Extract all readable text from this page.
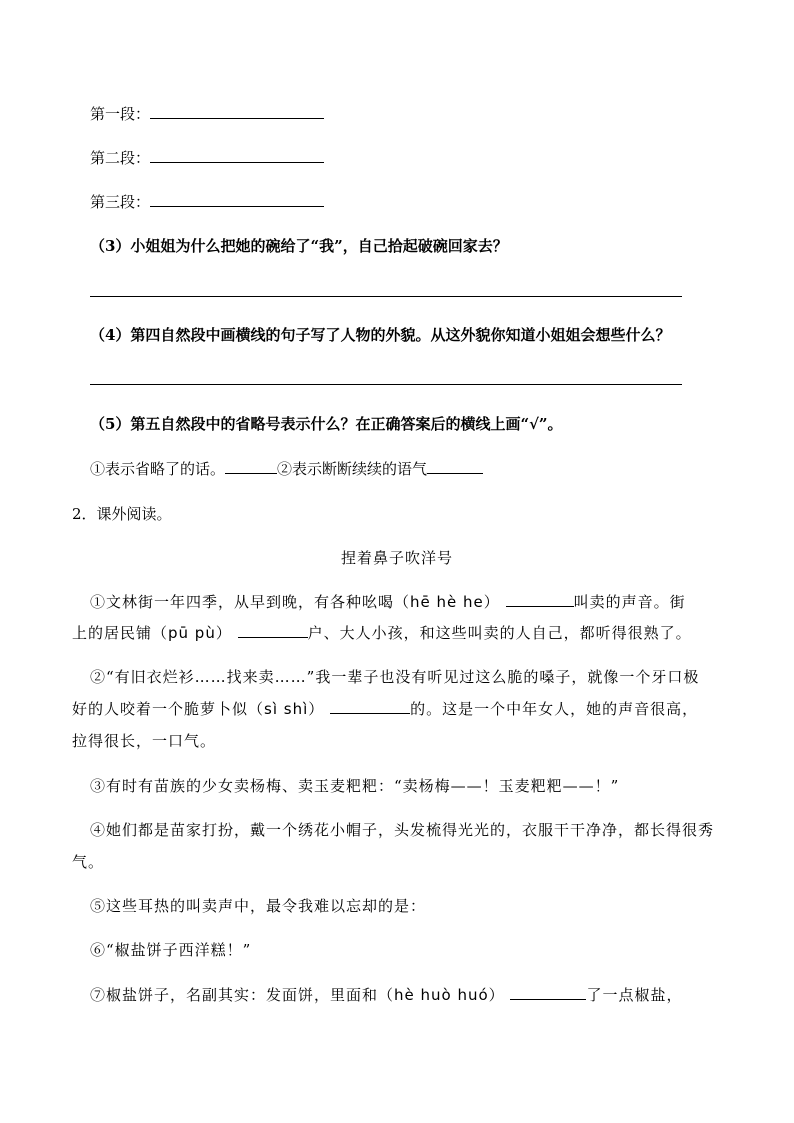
第一段：
第二段：
第三段：
（3）小姐姐为什么把她的碗给了“我”，自己拾起破碗回家去？
（4）第四自然段中画横线的句子写了人物的外貌。从这外貌你知道小姐姐会想些什么？
（5）第五自然段中的省略号表示什么？在正确答案后的横线上画“√”。
①表示省略了的话。	②表示断断续续的语气
2．课外阅读。
捏着鼻子吹洋号
①文林街一年四季，从早到晚，有各种吆喝（hē hè he）	叫卖的声音。街
上的居民铺（pū pù）	户、大人小孩，和这些叫卖的人自己，都听得很熟了。
②“有旧衣烂衫……找来卖……”我一辈子也没有听见过这么脆的嗓子，就像一个牙口极
好的人咬着一个脆萝卜似（sì shì）	的。这是一个中年女人，她的声音很高，
拉得很长，一口气。
③有时有苗族的少女卖杨梅、卖玉麦粑粑：“卖杨梅——！玉麦粑粑——！”
④她们都是苗家打扮，戴一个绣花小帽子，头发梳得光光的，衣服干干净净，都长得很秀
气。
⑤这些耳热的叫卖声中，最令我难以忘却的是：
⑥“椒盐饼子西洋糕！”
⑦椒盐饼子，名副其实：发面饼，里面和（hè huò huó）	了一点椒盐，
